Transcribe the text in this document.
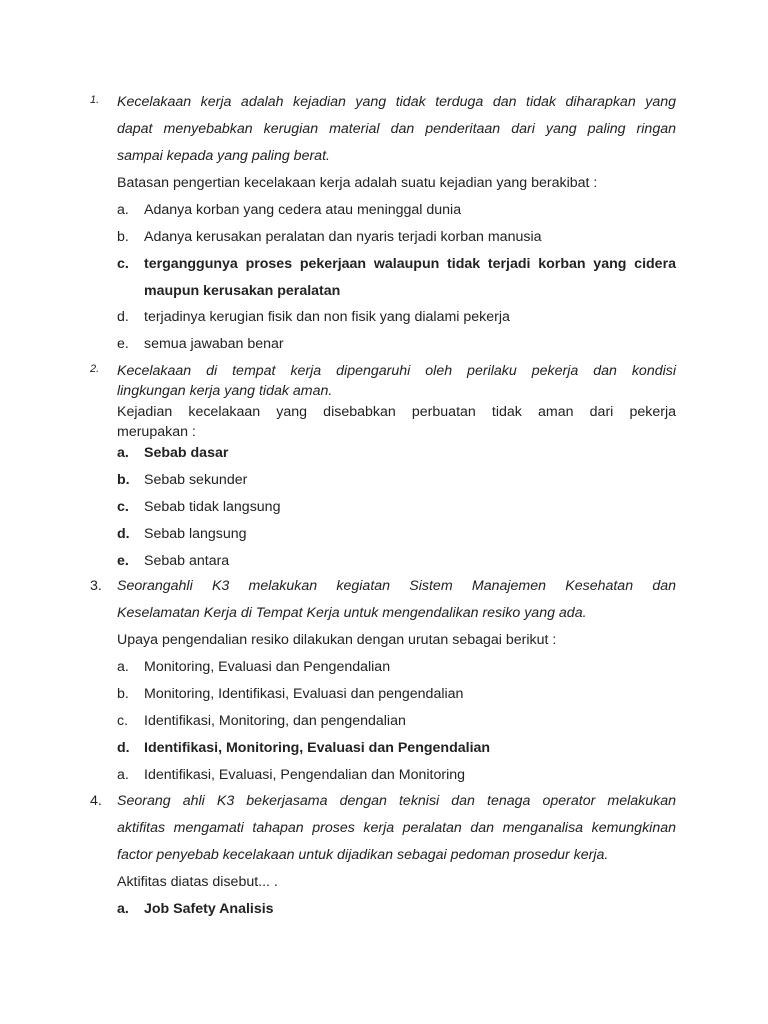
1. Kecelakaan kerja adalah kejadian yang tidak terduga dan tidak diharapkan yang
dapat menyebabkan kerugian material dan penderitaan dari yang paling ringan
sampai kepada yang paling berat.
Batasan pengertian kecelakaan kerja adalah suatu kejadian yang berakibat :
a. Adanya korban yang cedera atau meninggal dunia
b. Adanya kerusakan peralatan dan nyaris terjadi korban manusia
c. terganggunya proses pekerjaan walaupun tidak terjadi korban yang cidera
maupun kerusakan peralatan
d. terjadinya kerugian fisik dan non fisik yang dialami pekerja
e. semua jawaban benar
2. Kecelakaan di tempat kerja dipengaruhi oleh perilaku pekerja dan kondisi
lingkungan kerja yang tidak aman.
Kejadian kecelakaan yang disebabkan perbuatan tidak aman dari pekerja
merupakan :
a. Sebab dasar
b. Sebab sekunder
c. Sebab tidak langsung
d. Sebab langsung
e. Sebab antara
3. Seorangahli K3 melakukan kegiatan Sistem Manajemen Kesehatan dan
Keselamatan Kerja di Tempat Kerja untuk mengendalikan resiko yang ada.
Upaya pengendalian resiko dilakukan dengan urutan sebagai berikut :
a. Monitoring, Evaluasi dan Pengendalian
b. Monitoring, Identifikasi, Evaluasi dan pengendalian
c. Identifikasi, Monitoring, dan pengendalian
d. Identifikasi, Monitoring, Evaluasi dan Pengendalian
a. Identifikasi, Evaluasi, Pengendalian dan Monitoring
4. Seorang ahli K3 bekerjasama dengan teknisi dan tenaga operator melakukan
aktifitas mengamati tahapan proses kerja peralatan dan menganalisa kemungkinan
factor penyebab kecelakaan untuk dijadikan sebagai pedoman prosedur kerja.
Aktifitas diatas disebut... .
a. Job Safety Analisis
